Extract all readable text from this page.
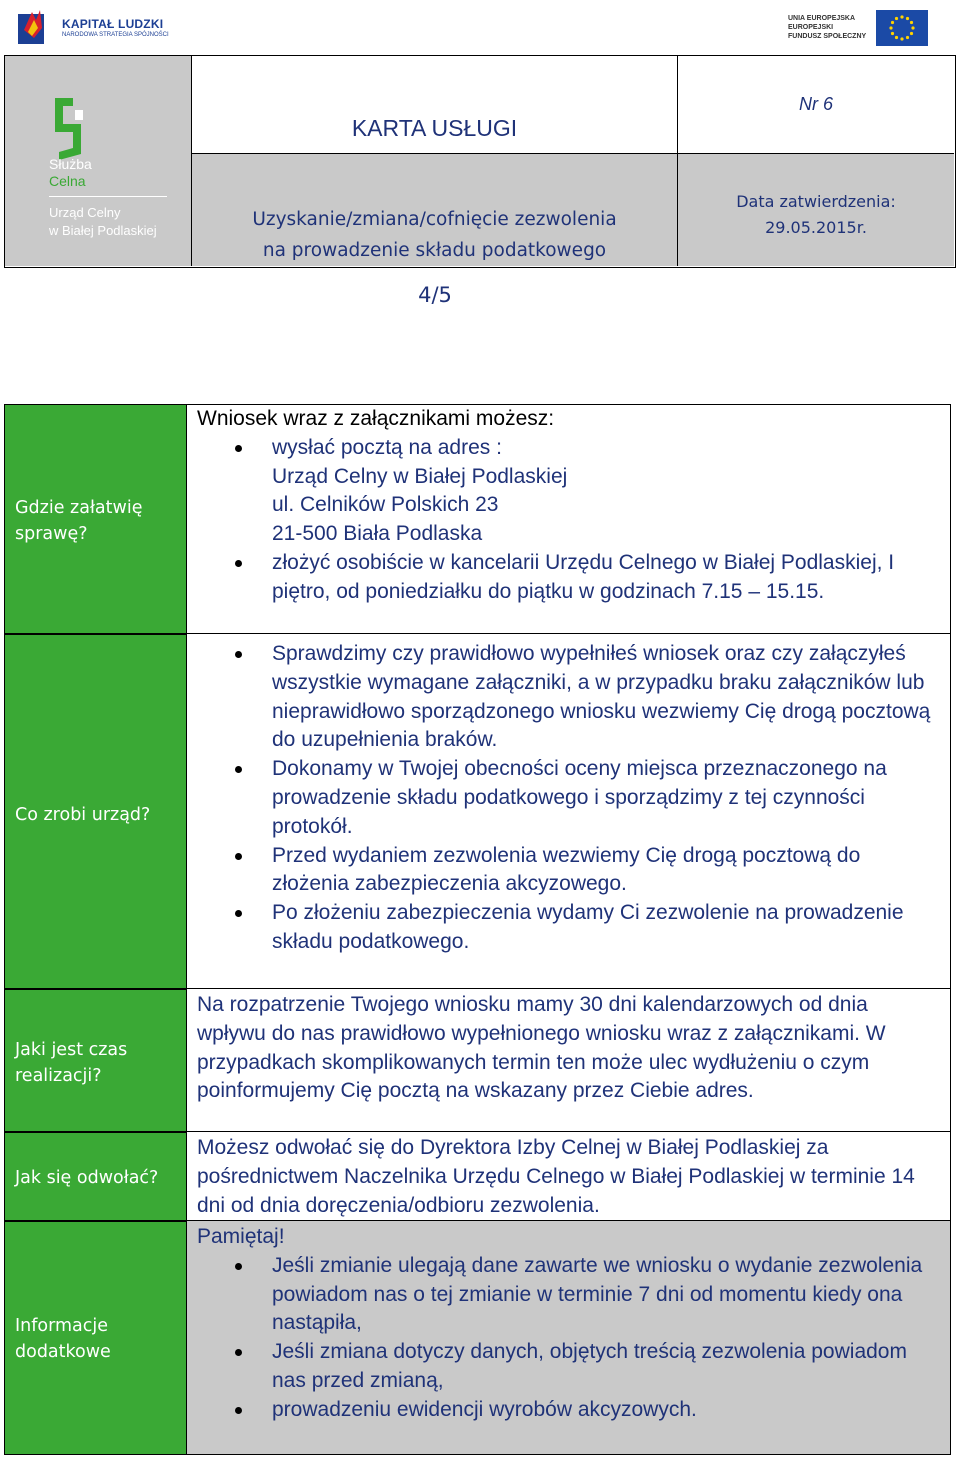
KAPITAŁ LUDZKI
NARODOWA STRATEGIA SPÓJNOŚCI
UNIA EUROPEJSKA
EUROPEJSKI
FUNDUSZ SPOŁECZNY
Służba
Celna
Urząd Celny
w Białej Podlaskiej
KARTA USŁUGI
Nr 6
Uzyskanie/zmiana/cofnięcie zezwolenia
na prowadzenie składu podatkowego
Data zatwierdzenia:
29.05.2015r.
4/5
Gdzie załatwię sprawę?
Co zrobi urząd?
Jaki jest czas realizacji?
Jak się odwołać?
Informacje dodatkowe
Wniosek wraz z załącznikami możesz:
wysłać pocztą na adres :
Urząd Celny w Białej Podlaskiej
ul. Celników Polskich 23
21-500 Biała Podlaska
złożyć osobiście w kancelarii Urzędu Celnego w Białej Podlaskiej, I piętro, od poniedziałku do piątku w godzinach 7.15 – 15.15.
Sprawdzimy czy prawidłowo wypełniłeś wniosek oraz czy załączyłeś wszystkie wymagane załączniki, a w przypadku braku załączników lub nieprawidłowo sporządzonego wniosku wezwiemy Cię drogą pocztową do uzupełnienia braków.
Dokonamy w Twojej obecności oceny miejsca przeznaczonego na prowadzenie składu podatkowego i sporządzimy z tej czynności protokół.
Przed wydaniem zezwolenia wezwiemy Cię drogą pocztową do złożenia zabezpieczenia akcyzowego.
Po złożeniu zabezpieczenia wydamy Ci zezwolenie na prowadzenie składu podatkowego.
Na rozpatrzenie Twojego wniosku mamy 30 dni kalendarzowych od dnia wpływu do nas prawidłowo wypełnionego wniosku wraz z załącznikami. W przypadkach skomplikowanych termin ten może ulec wydłużeniu o czym poinformujemy Cię pocztą na wskazany przez Ciebie adres.
Możesz odwołać się do Dyrektora Izby Celnej w Białej Podlaskiej za pośrednictwem Naczelnika Urzędu Celnego w Białej Podlaskiej w terminie 14 dni od dnia doręczenia/odbioru zezwolenia.
Pamiętaj!
Jeśli zmianie ulegają dane zawarte we wniosku o wydanie zezwolenia powiadom nas o tej zmianie w terminie 7 dni od momentu kiedy ona nastąpiła,
Jeśli zmiana dotyczy danych, objętych treścią zezwolenia powiadom nas przed zmianą,
prowadzeniu ewidencji wyrobów akcyzowych.
